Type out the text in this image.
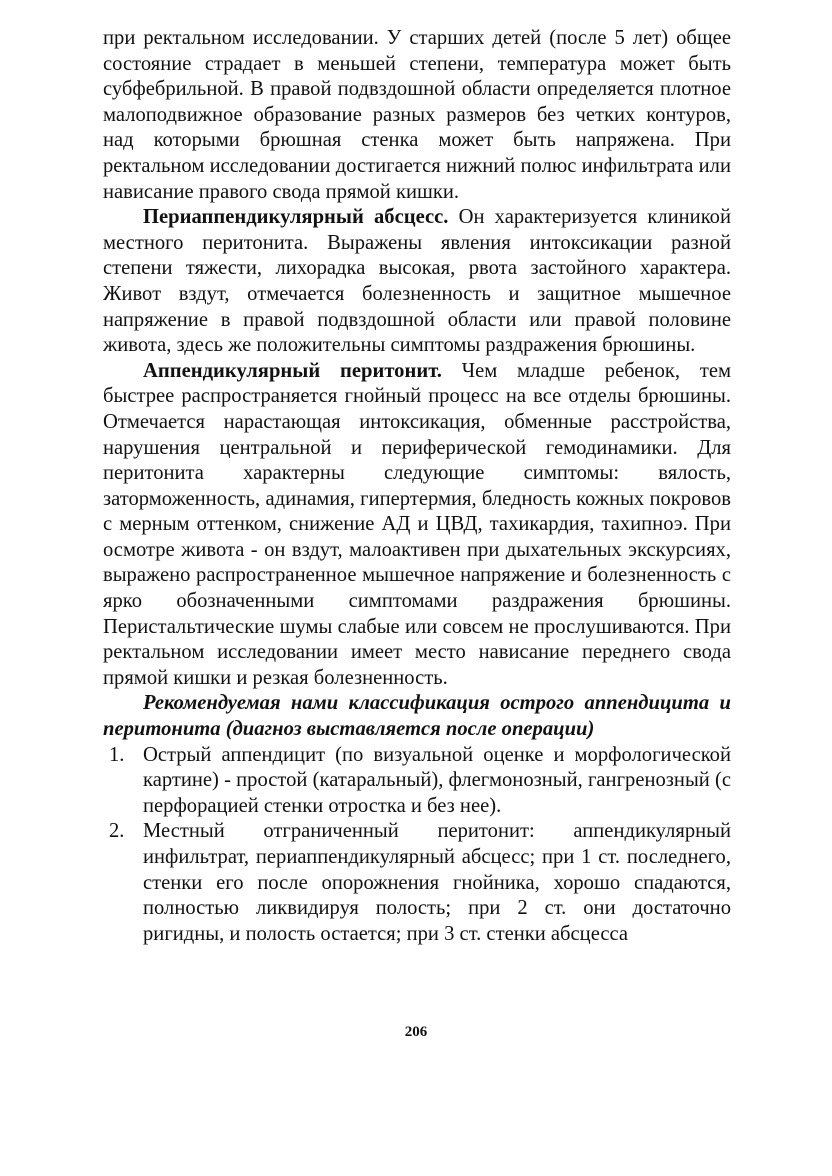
при ректальном исследовании. У старших детей (после 5 лет) общее состояние страдает в меньшей степени, температура может быть субфебрильной. В правой подвздошной области определяется плотное малоподвижное образование разных размеров без четких контуров, над которыми брюшная стенка может быть напряжена. При ректальном исследовании достигается нижний полюс инфильтрата или нависание правого свода прямой кишки.

Периаппендикулярный абсцесс. Он характеризуется клиникой местного перитонита. Выражены явления интоксикации разной степени тяжести, лихорадка высокая, рвота застойного характера. Живот вздут, отмечается болезненность и защитное мышечное напряжение в правой подвздошной области или правой половине живота, здесь же положительны симптомы раздражения брюшины.

Аппендикулярный перитонит. Чем младше ребенок, тем быстрее распространяется гнойный процесс на все отделы брюшины. Отмечается нарастающая интоксикация, обменные расстройства, нарушения центральной и периферической гемодинамики. Для перитонита характерны следующие симптомы: вялость, заторможенность, адинамия, гипертермия, бледность кожных покровов с мерным оттенком, снижение АД и ЦВД, тахикардия, тахипноэ. При осмотре живота - он вздут, малоактивен при дыхательных экскурсиях, выражено распространенное мышечное напряжение и болезненность с ярко обозначенными симптомами раздражения брюшины. Перистальтические шумы слабые или совсем не прослушиваются. При ректальном исследовании имеет место нависание переднего свода прямой кишки и резкая болезненность.

Рекомендуемая нами классификация острого аппендицита и перитонита (диагноз выставляется после операции)

1. Острый аппендицит (по визуальной оценке и морфологической картине) - простой (катаральный), флегмонозный, гангренозный (с перфорацией стенки отростка и без нее).
2. Местный отграниченный перитонит: аппендикулярный инфильтрат, периаппендикулярный абсцесс; при 1 ст. последнего, стенки его после опорожнения гнойника, хорошо спадаются, полностью ликвидируя полость; при 2 ст. они достаточно ригидны, и полость остается; при 3 ст. стенки абсцесса
206
